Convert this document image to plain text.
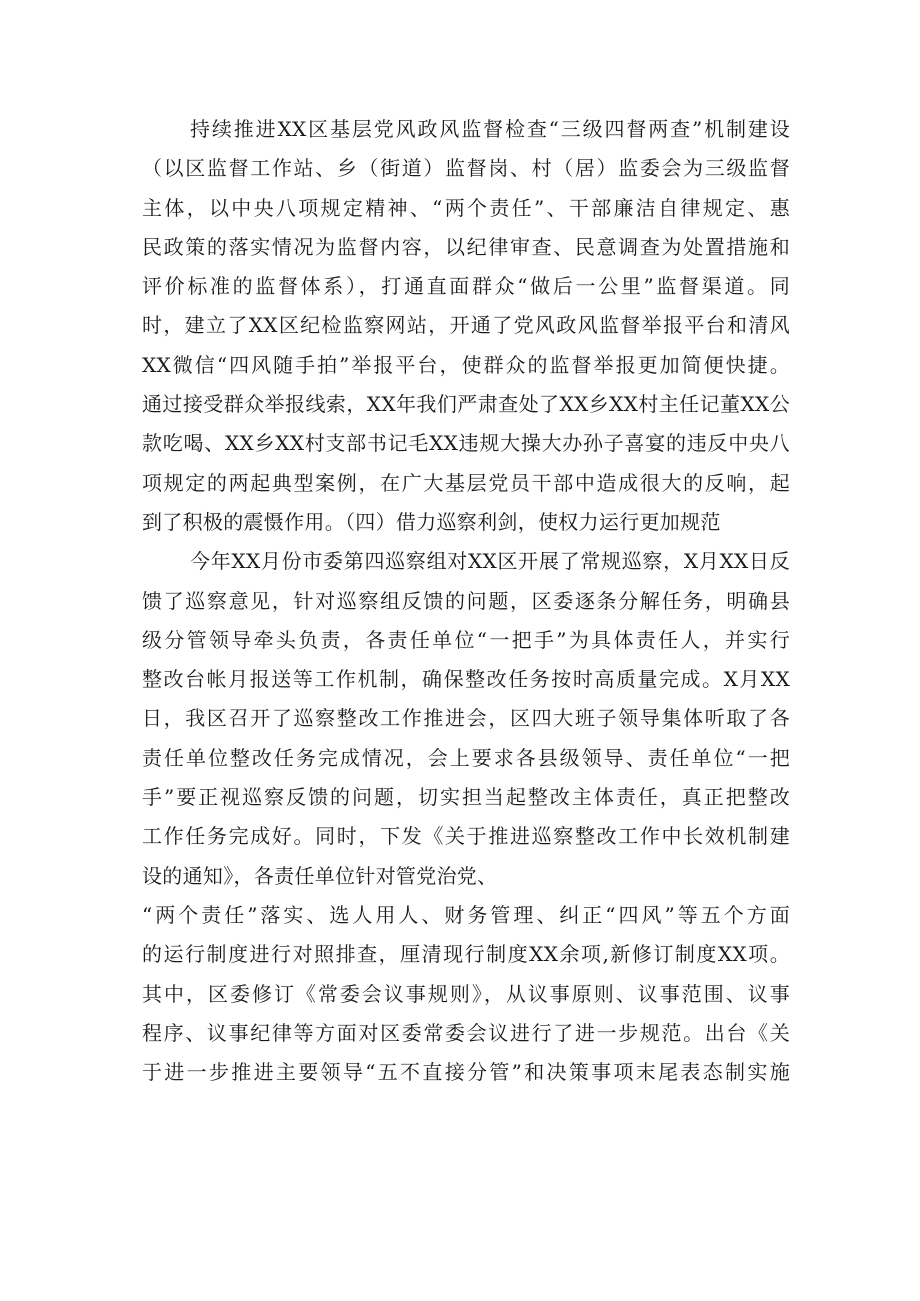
持续推进XX区基层党风政风监督检查“三级四督两查”机制建设
（以区监督工作站、乡（街道）监督岗、村（居）监委会为三级监督
主体，以中央八项规定精神、“两个责任”、干部廉洁自律规定、惠
民政策的落实情况为监督内容，以纪律审查、民意调查为处置措施和
评价标准的监督体系），打通直面群众“做后一公里”监督渠道。同
时，建立了XX区纪检监察网站，开通了党风政风监督举报平台和清风
XX微信“四风随手拍”举报平台，使群众的监督举报更加简便快捷。
通过接受群众举报线索，XX年我们严肃查处了XX乡XX村主任记董XX公
款吃喝、XX乡XX村支部书记毛XX违规大操大办孙子喜宴的违反中央八
项规定的两起典型案例，在广大基层党员干部中造成很大的反响，起
到了积极的震慑作用。（四）借力巡察利剑，使权力运行更加规范
今年XX月份市委第四巡察组对XX区开展了常规巡察，X月XX日反
馈了巡察意见，针对巡察组反馈的问题，区委逐条分解任务，明确县
级分管领导牵头负责，各责任单位“一把手”为具体责任人，并实行
整改台帐月报送等工作机制，确保整改任务按时高质量完成。X月XX
日，我区召开了巡察整改工作推进会，区四大班子领导集体听取了各
责任单位整改任务完成情况，会上要求各县级领导、责任单位“一把
手”要正视巡察反馈的问题，切实担当起整改主体责任，真正把整改
工作任务完成好。同时，下发《关于推进巡察整改工作中长效机制建
设的通知》，各责任单位针对管党治党、
“两个责任”落实、选人用人、财务管理、纠正“四风”等五个方面
的运行制度进行对照排查，厘清现行制度XX余项,新修订制度XX项。
其中，区委修订《常委会议事规则》，从议事原则、议事范围、议事
程序、议事纪律等方面对区委常委会议进行了进一步规范。出台《关
于进一步推进主要领导“五不直接分管”和决策事项末尾表态制实施
